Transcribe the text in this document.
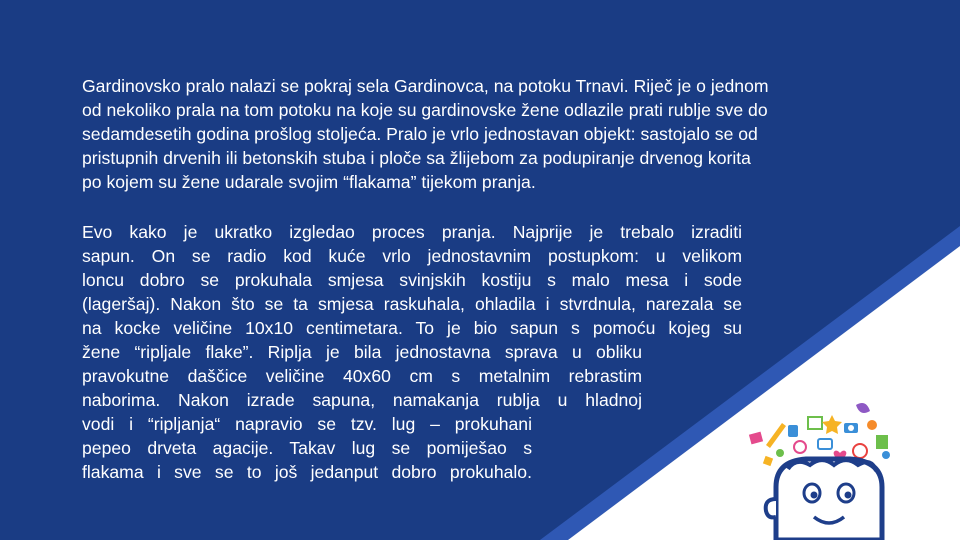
Gardinovsko pralo nalazi se pokraj sela Gardinovca, na potoku Trnavi. Riječ je o jednom
od nekoliko prala na tom potoku na koje su gardinovske žene odlazile prati rublje sve do
sedamdesetih godina prošlog stoljeća. Pralo je vrlo jednostavan objekt: sastojalo se od
pristupnih drvenih ili betonskih stuba i ploče sa žlijebom za podupiranje drvenog korita
po kojem su žene udarale svojim “flakama” tijekom pranja.

Evo kako je ukratko izgledao proces pranja. Najprije je trebalo izraditi
sapun. On se radio kod kuće vrlo jednostavnim postupkom: u velikom
loncu dobro se prokuhala smjesa svinjskih kostiju s malo mesa i sode
(lageršaj). Nakon što se ta smjesa raskuhala, ohladila i stvrdnula, narezala se
na kocke veličine 10x10 centimetara. To je bio sapun s pomoću kojeg su
žene “ripljale flake”. Riplja je bila jednostavna sprava u obliku
pravokutne daščice veličine 40x60 cm s metalnim rebrastim
naborima. Nakon izrade sapuna, namakanja rublja u hladnoj
vodi i “ripljanja“ napravio se tzv. lug – prokuhani
pepeo drveta agacije. Takav lug se pomiješao s
flakama i sve se to još jedanput dobro prokuhalo.
